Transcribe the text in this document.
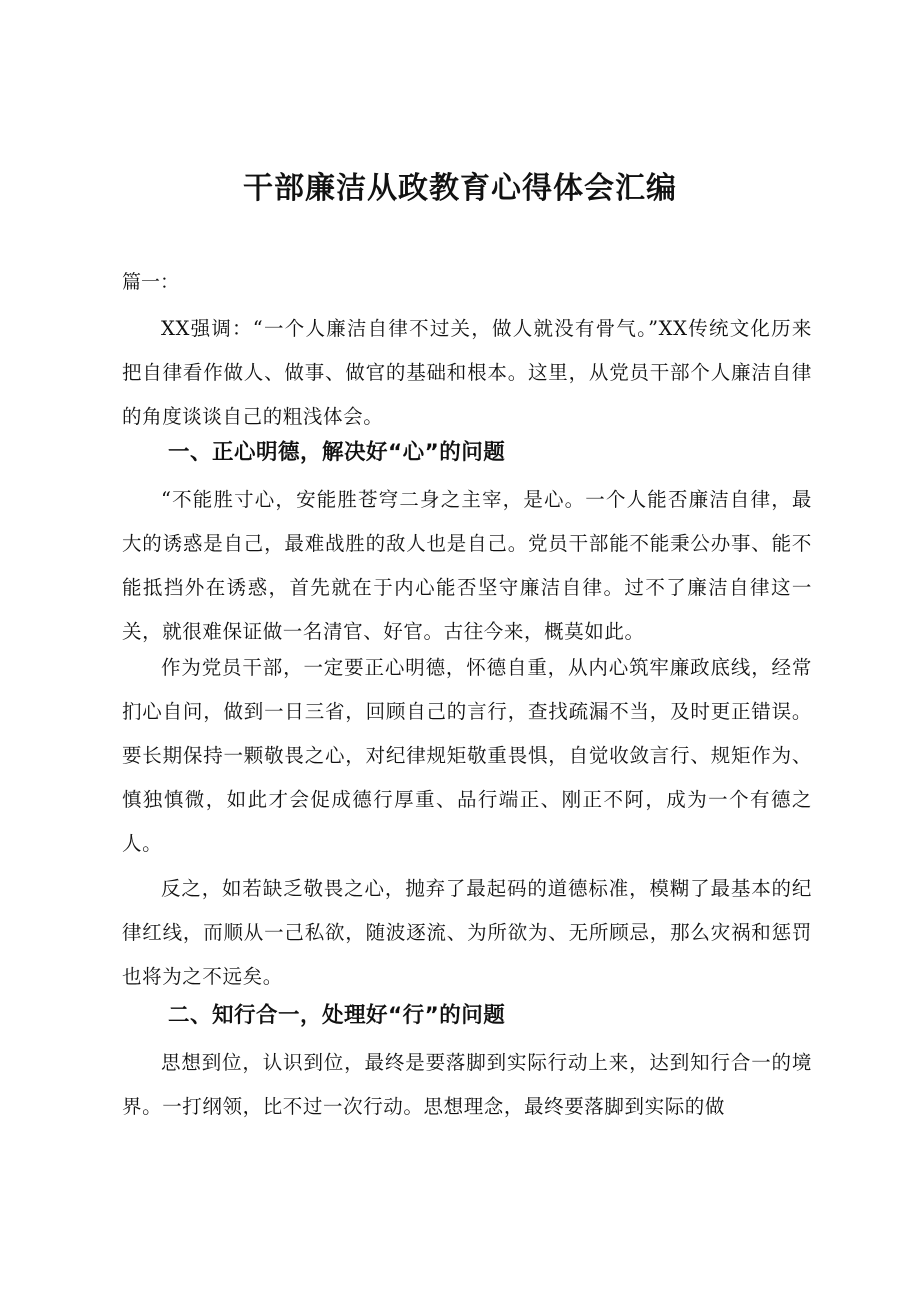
干部廉洁从政教育心得体会汇编

篇一：

XX强调：“一个人廉洁自律不过关，做人就没有骨气。”XX传统文化历来把自律看作做人、做事、做官的基础和根本。这里，从党员干部个人廉洁自律的角度谈谈自己的粗浅体会。

一、正心明德，解决好“心”的问题

“不能胜寸心，安能胜苍穹二身之主宰，是心。一个人能否廉洁自律，最大的诱惑是自己，最难战胜的敌人也是自己。党员干部能不能秉公办事、能不能抵挡外在诱惑，首先就在于内心能否坚守廉洁自律。过不了廉洁自律这一关，就很难保证做一名清官、好官。古往今来，概莫如此。

作为党员干部，一定要正心明德，怀德自重，从内心筑牢廉政底线，经常扪心自问，做到一日三省，回顾自己的言行，查找疏漏不当，及时更正错误。要长期保持一颗敬畏之心，对纪律规矩敬重畏惧，自觉收敛言行、规矩作为、慎独慎微，如此才会促成德行厚重、品行端正、刚正不阿，成为一个有德之人。

反之，如若缺乏敬畏之心，抛弃了最起码的道德标准，模糊了最基本的纪律红线，而顺从一己私欲，随波逐流、为所欲为、无所顾忌，那么灾祸和惩罚也将为之不远矣。

二、知行合一，处理好“行”的问题

思想到位，认识到位，最终是要落脚到实际行动上来，达到知行合一的境界。一打纲领，比不过一次行动。思想理念，最终要落脚到实际的做
